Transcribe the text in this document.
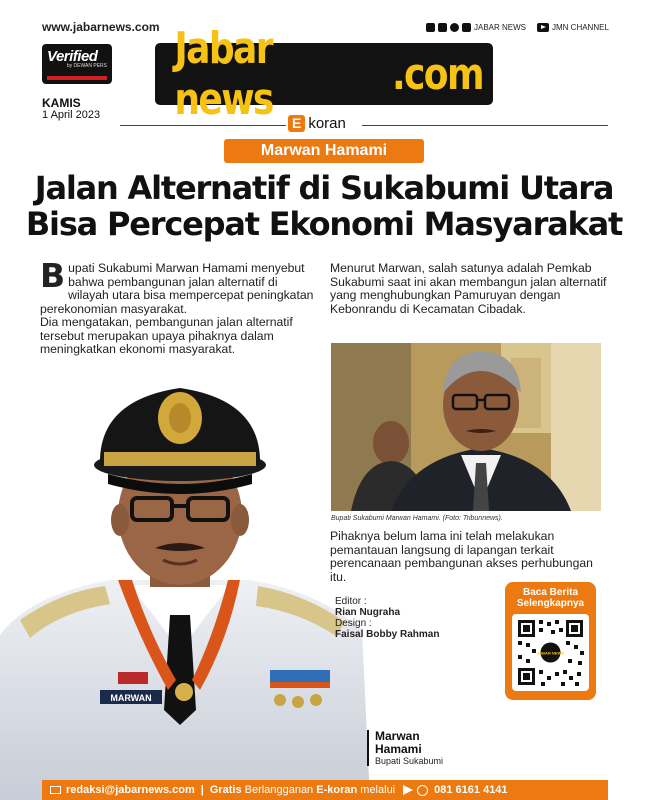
www.jabarnews.com	JABAR NEWS	JMN CHANNEL
Verified
by DEWAN PERS Jabar news	.com
KAMIS
1 April 2023	E koran
Marwan Hamami
Jalan Alternatif di Sukabumi Utara
Bisa Percepat Ekonomi Masyarakat

Bupati Sukabumi Marwan Hamami menyebut bahwa pembangunan jalan alternatif di wilayah utara bisa mempercepat peningkatan perekonomian masyarakat.

Dia mengatakan, pembangunan jalan alternatif tersebut merupakan upaya pihaknya dalam meningkatkan ekonomi masyarakat.

MARWAN
Menurut Marwan, salah satunya adalah Pemkab Sukabumi saat ini akan membangun jalan alternatif yang menghubungkan Pamuruyan dengan Kebonrandu di Kecamatan Cibadak.
Bupati Sukabumi Marwan Hamami. (Foto: Tribunnews).
Pihaknya belum lama ini telah melakukan pemantauan langsung di lapangan terkait perencanaan pembangunan akses perhubungan itu.
Editor :
Rian Nugraha
Design :
Faisal Bobby Rahman
Baca Berita
Selengkapnya
JABAR NEWS
Marwan
Hamami
Bupati Sukabumi
redaksi@jabarnews.com | Gratis
Berlangganan
E-koran
melalui	081 6161 4141
